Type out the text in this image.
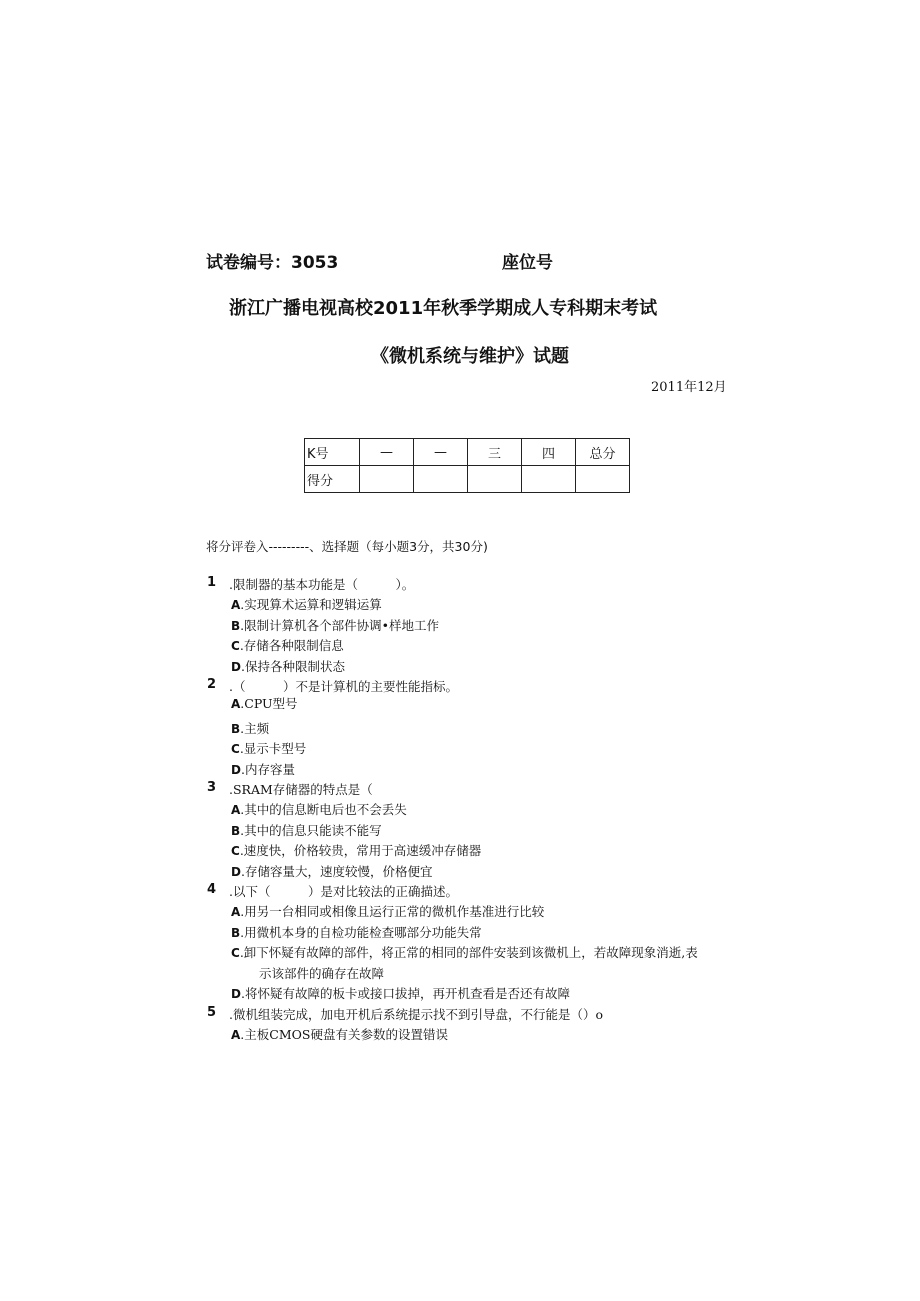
试卷编号：3053	座位号
浙江广播电视高校2011年秋季学期成人专科期末考试
《微机系统与维护》试题
2011年12月
K号	—	—	三	四	总分
得分					
将分评卷入---------、选择题（每小题3分，共30分)
1 .限制器的基本功能是（　　　）。
A.实现算术运算和逻辑运算
B.限制计算机各个部件协调•样地工作
C.存储各种限制信息
D.保持各种限制状态
2 .（　　　）不是计算机的主要性能指标。
A.CPU型号
B.主频
C.显示卡型号
D.内存容量
3 .SRAM存储器的特点是（
A.其中的信息断电后也不会丢失
B.其中的信息只能读不能写
C.速度快，价格较贵，常用于高速缓冲存储器
D.存储容量大，速度较慢，价格便宜
4 .以下（　　　）是对比较法的正确描述。
A.用另一台相同或相像且运行正常的微机作基准进行比较
B.用微机本身的自检功能检查哪部分功能失常
C.卸下怀疑有故障的部件，将正常的相同的部件安装到该微机上，若故障现象消逝,表
示该部件的确存在故障
D.将怀疑有故障的板卡或接口拔掉，再开机查看是否还有故障
5 .微机组装完成，加电开机后系统提示找不到引导盘，不行能是（）o
A.主板CMOS硬盘有关参数的设置错误
